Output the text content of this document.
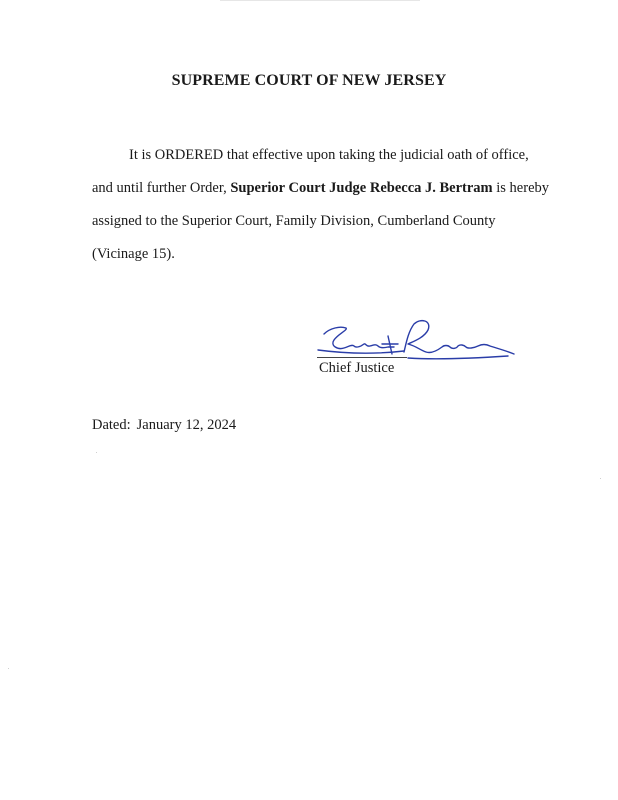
SUPREME COURT OF NEW JERSEY
It is ORDERED that effective upon taking the judicial oath of office,
and until further Order, Superior Court Judge Rebecca J. Bertram is hereby
assigned to the Superior Court, Family Division, Cumberland County
(Vicinage 15).
Chief Justice
Dated: January 12, 2024
